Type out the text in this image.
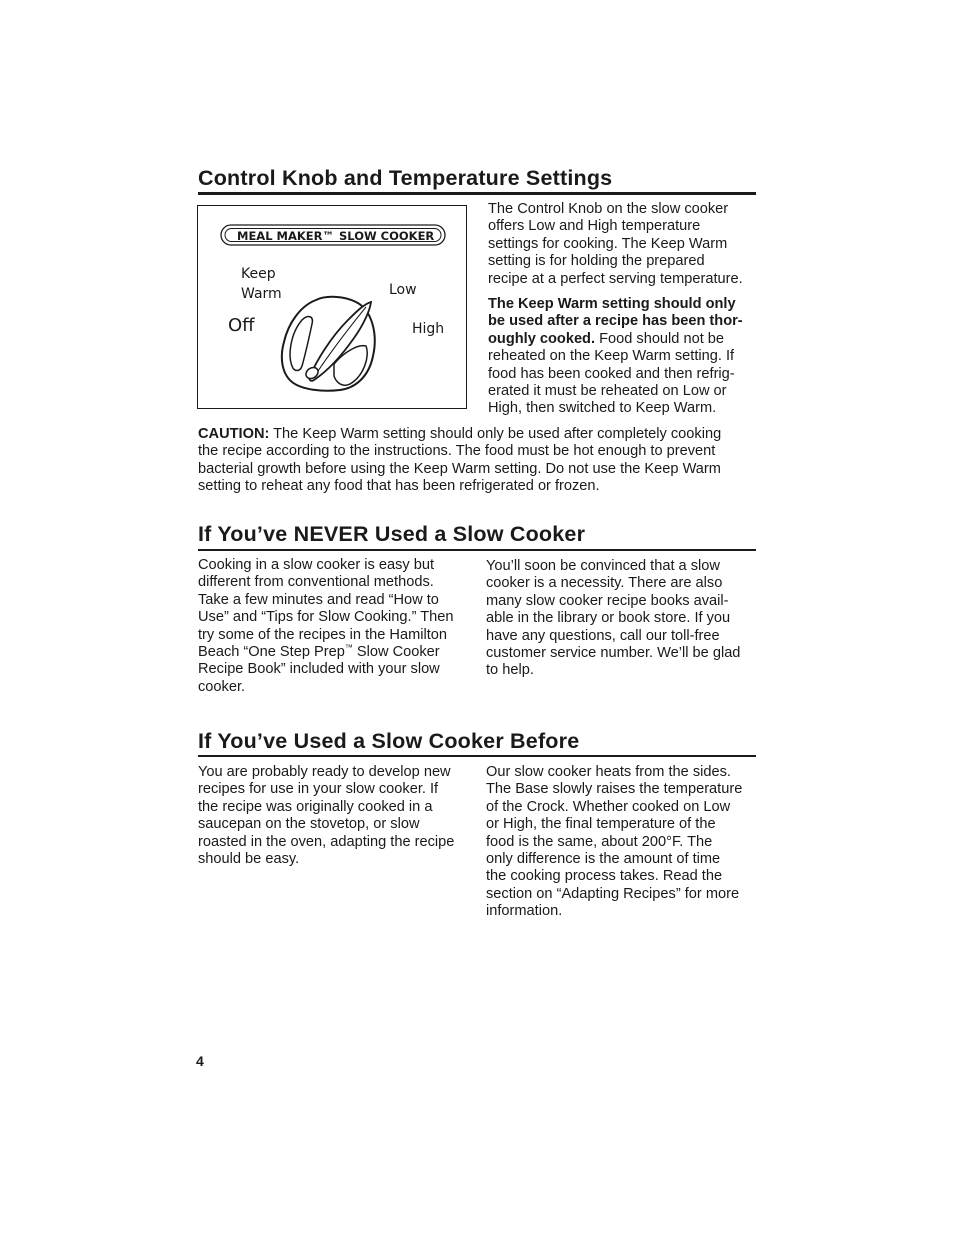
Control Knob and Temperature Settings
MEAL MAKER™ SLOW COOKER
Keep
Warm	Low
Off	High
The Control Knob on the slow cooker
offers Low and High temperature
settings for cooking. The Keep Warm
setting is for holding the prepared
recipe at a perfect serving temperature.
The Keep Warm setting should only
be used after a recipe has been thor-
oughly cooked. Food should not be
reheated on the Keep Warm setting. If
food has been cooked and then refrig-
erated it must be reheated on Low or
High, then switched to Keep Warm.
CAUTION: The Keep Warm setting should only be used after completely cooking
the recipe according to the instructions. The food must be hot enough to prevent
bacterial growth before using the Keep Warm setting. Do not use the Keep Warm
setting to reheat any food that has been refrigerated or frozen.
If You’ve NEVER Used a Slow Cooker
Cooking in a slow cooker is easy but
different from conventional methods.
Take a few minutes and read “How to
Use” and “Tips for Slow Cooking.” Then
try some of the recipes in the Hamilton
Beach “One Step Prep™ Slow Cooker
Recipe Book” included with your slow
cooker.
You’ll soon be convinced that a slow
cooker is a necessity. There are also
many slow cooker recipe books avail-
able in the library or book store. If you
have any questions, call our toll-free
customer service number. We’ll be glad
to help.
If You’ve Used a Slow Cooker Before
You are probably ready to develop new
recipes for use in your slow cooker. If
the recipe was originally cooked in a
saucepan on the stovetop, or slow
roasted in the oven, adapting the recipe
should be easy.
Our slow cooker heats from the sides.
The Base slowly raises the temperature
of the Crock. Whether cooked on Low
or High, the final temperature of the
food is the same, about 200°F. The
only difference is the amount of time
the cooking process takes. Read the
section on “Adapting Recipes” for more
information.

4
